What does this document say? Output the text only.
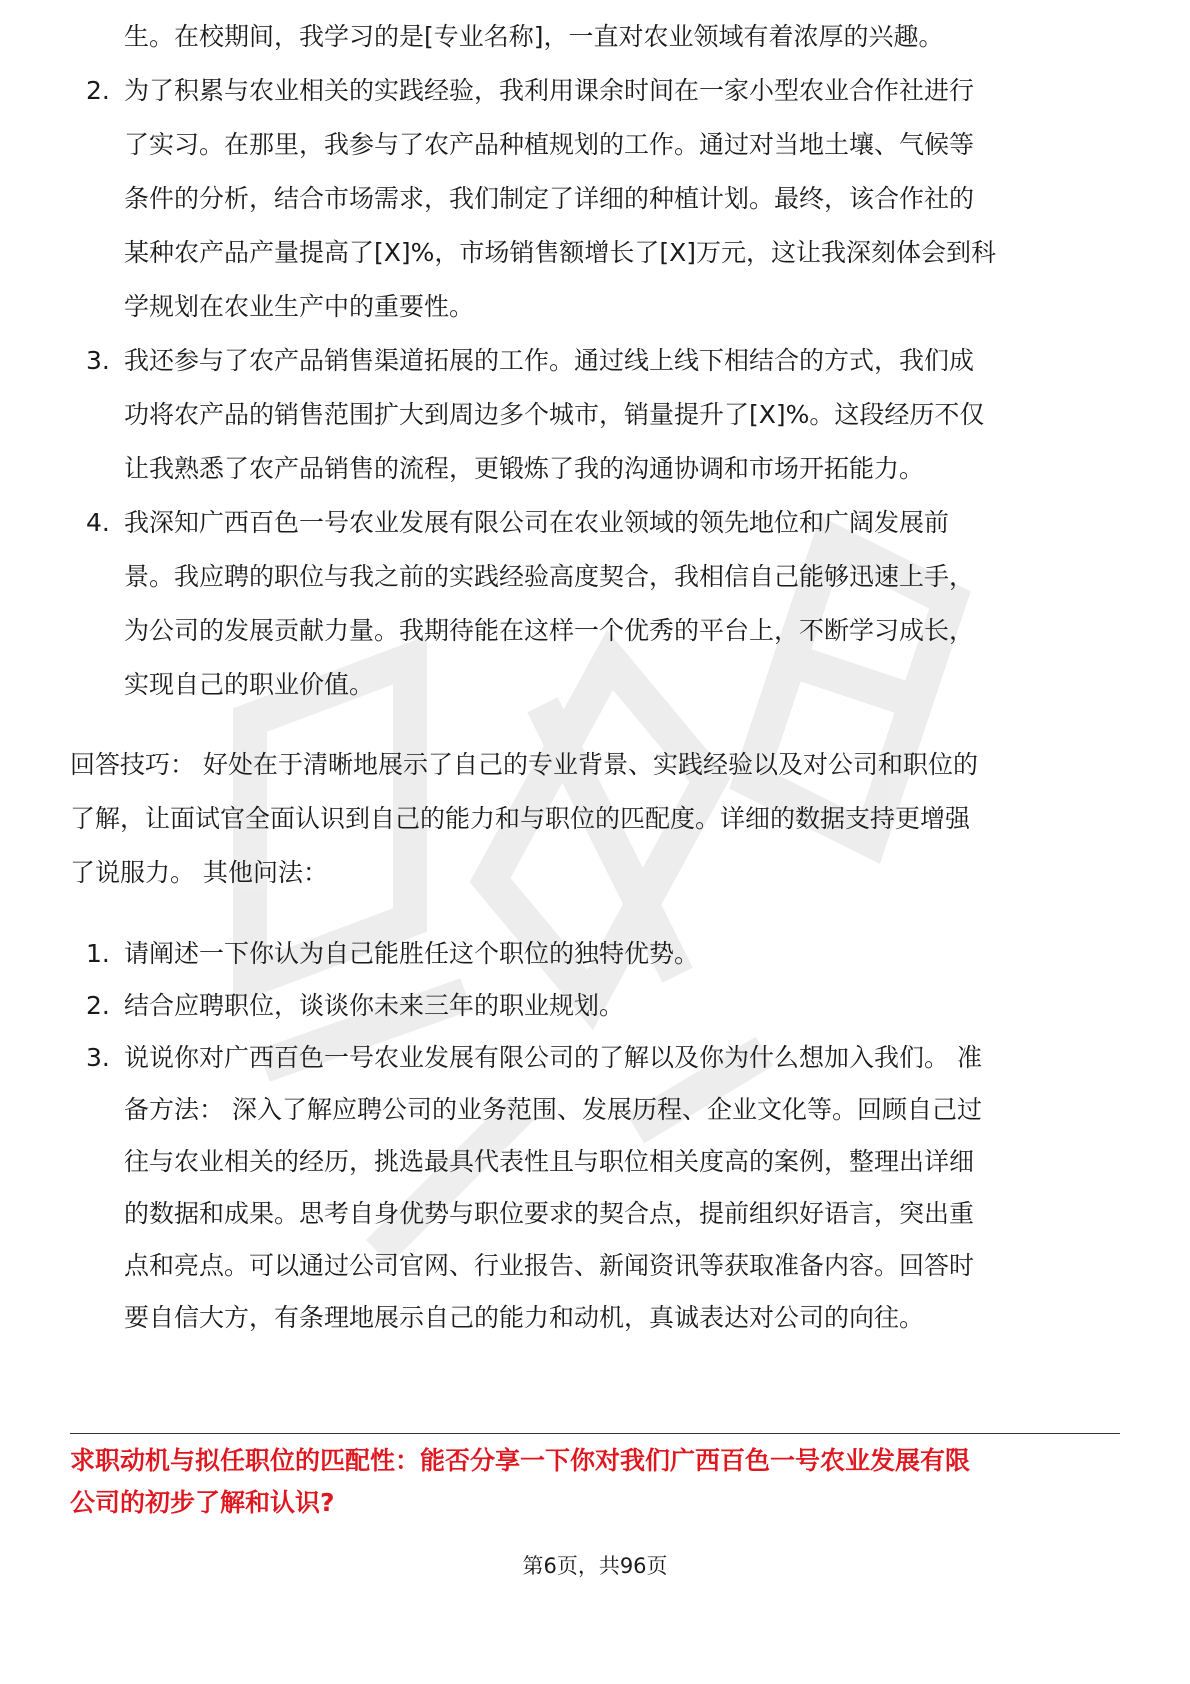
生。在校期间，我学习的是[专业名称]，一直对农业领域有着浓厚的兴趣。
2. 为了积累与农业相关的实践经验，我利用课余时间在一家小型农业合作社进行
了实习。在那里，我参与了农产品种植规划的工作。通过对当地土壤、气候等
条件的分析，结合市场需求，我们制定了详细的种植计划。最终，该合作社的
某种农产品产量提高了[X]%，市场销售额增长了[X]万元，这让我深刻体会到科
学规划在农业生产中的重要性。
3. 我还参与了农产品销售渠道拓展的工作。通过线上线下相结合的方式，我们成
功将农产品的销售范围扩大到周边多个城市，销量提升了[X]%。这段经历不仅
让我熟悉了农产品销售的流程，更锻炼了我的沟通协调和市场开拓能力。
4. 我深知广西百色一号农业发展有限公司在农业领域的领先地位和广阔发展前
景。我应聘的职位与我之前的实践经验高度契合，我相信自己能够迅速上手，
为公司的发展贡献力量。我期待能在这样一个优秀的平台上，不断学习成长，
实现自己的职业价值。
回答技巧： 好处在于清晰地展示了自己的专业背景、实践经验以及对公司和职位的
了解，让面试官全面认识到自己的能力和与职位的匹配度。详细的数据支持更增强
了说服力。 其他问法：
1. 请阐述一下你认为自己能胜任这个职位的独特优势。
2. 结合应聘职位，谈谈你未来三年的职业规划。
3. 说说你对广西百色一号农业发展有限公司的了解以及你为什么想加入我们。 准
备方法： 深入了解应聘公司的业务范围、发展历程、企业文化等。回顾自己过
往与农业相关的经历，挑选最具代表性且与职位相关度高的案例，整理出详细
的数据和成果。思考自身优势与职位要求的契合点，提前组织好语言，突出重
点和亮点。可以通过公司官网、行业报告、新闻资讯等获取准备内容。回答时
要自信大方，有条理地展示自己的能力和动机，真诚表达对公司的向往。
求职动机与拟任职位的匹配性：能否分享一下你对我们广西百色一号农业发展有限
公司的初步了解和认识?
第6页，共96页
